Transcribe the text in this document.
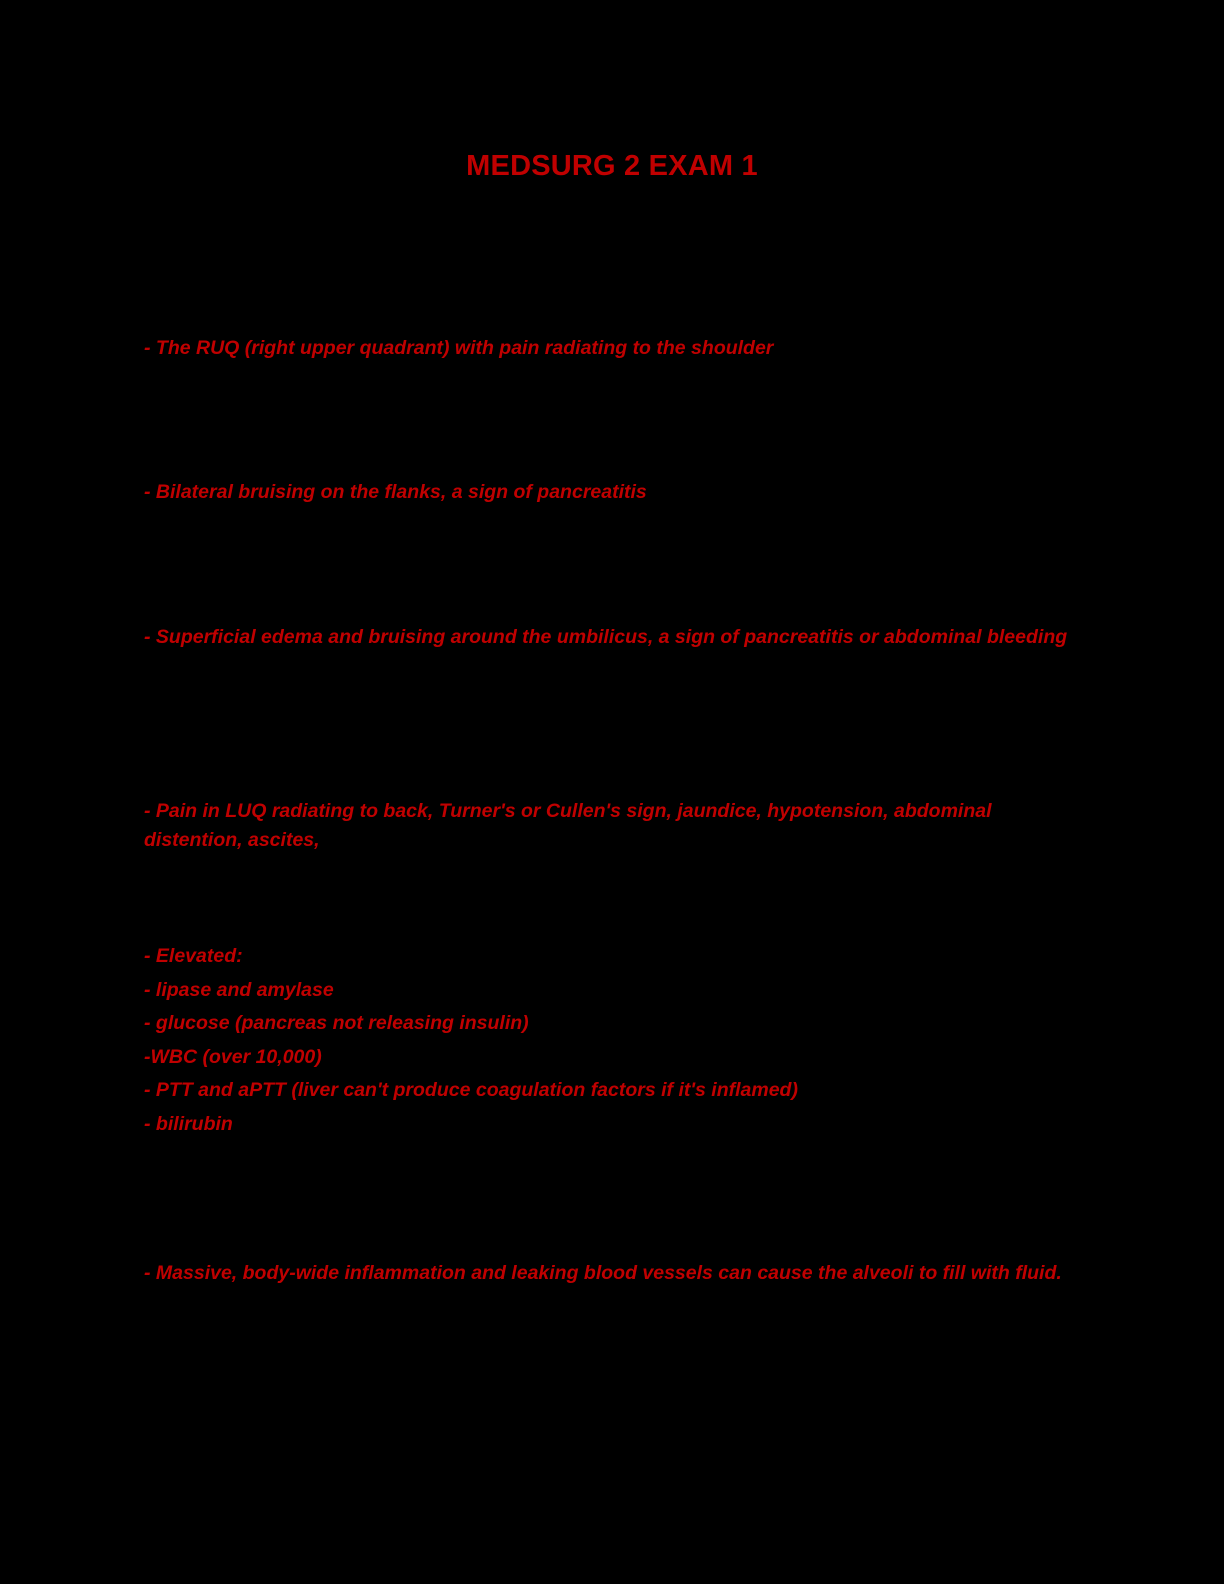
MEDSURG 2 EXAM 1
- The RUQ (right upper quadrant) with pain radiating to the shoulder
- Bilateral bruising on the flanks, a sign of pancreatitis
- Superficial edema and bruising around the umbilicus, a sign of pancreatitis or abdominal bleeding
- Pain in LUQ radiating to back, Turner's or Cullen's sign, jaundice, hypotension, abdominal distention, ascites,
- Elevated:
- lipase and amylase
- glucose (pancreas not releasing insulin)
-WBC (over 10,000)
- PTT and aPTT (liver can't produce coagulation factors if it's inflamed)
- bilirubin
- Massive, body-wide inflammation and leaking blood vessels can cause the alveoli to fill with fluid.
